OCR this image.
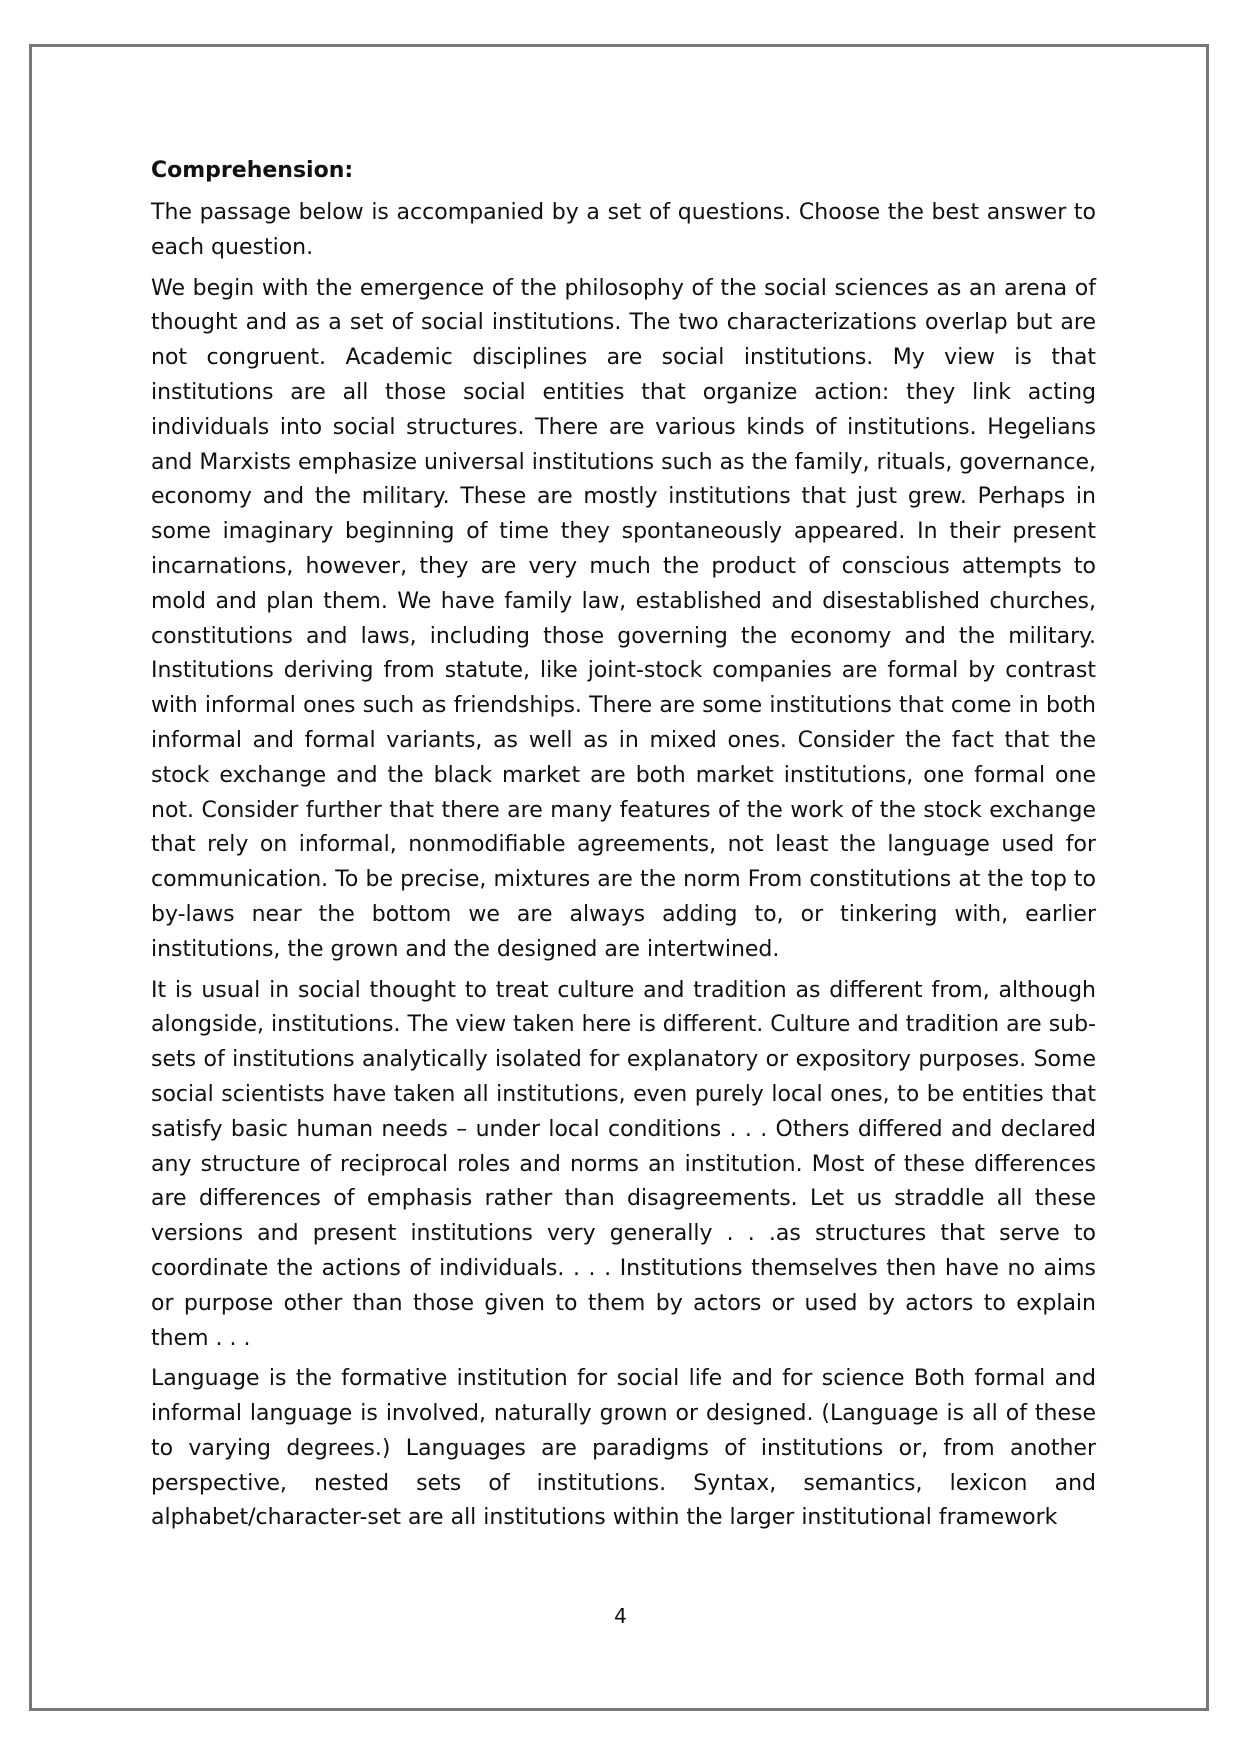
Comprehension:

The passage below is accompanied by a set of questions. Choose the best answer to each question.

We begin with the emergence of the philosophy of the social sciences as an arena of thought and as a set of social institutions. The two characterizations overlap but are not congruent. Academic disciplines are social institutions. My view is that institutions are all those social entities that organize action: they link acting individuals into social structures. There are various kinds of institutions. Hegelians and Marxists emphasize universal institutions such as the family, rituals, governance, economy and the military. These are mostly institutions that just grew. Perhaps in some imaginary beginning of time they spontaneously appeared. In their present incarnations, however, they are very much the product of conscious attempts to mold and plan them. We have family law, established and disestablished churches, constitutions and laws, including those governing the economy and the military. Institutions deriving from statute, like joint-stock companies are formal by contrast with informal ones such as friendships. There are some institutions that come in both informal and formal variants, as well as in mixed ones. Consider the fact that the stock exchange and the black market are both market institutions, one formal one not. Consider further that there are many features of the work of the stock exchange that rely on informal, nonmodifiable agreements, not least the language used for communication. To be precise, mixtures are the norm From constitutions at the top to by-laws near the bottom we are always adding to, or tinkering with, earlier institutions, the grown and the designed are intertwined.

It is usual in social thought to treat culture and tradition as different from, although alongside, institutions. The view taken here is different. Culture and tradition are sub-sets of institutions analytically isolated for explanatory or expository purposes. Some social scientists have taken all institutions, even purely local ones, to be entities that satisfy basic human needs – under local conditions . . . Others differed and declared any structure of reciprocal roles and norms an institution. Most of these differences are differences of emphasis rather than disagreements. Let us straddle all these versions and present institutions very generally . . .as structures that serve to coordinate the actions of individuals. . . . Institutions themselves then have no aims or purpose other than those given to them by actors or used by actors to explain them . . .

Language is the formative institution for social life and for science Both formal and informal language is involved, naturally grown or designed. (Language is all of these to varying degrees.) Languages are paradigms of institutions or, from another perspective, nested sets of institutions. Syntax, semantics, lexicon and alphabet/character-set are all institutions within the larger institutional framework

4
